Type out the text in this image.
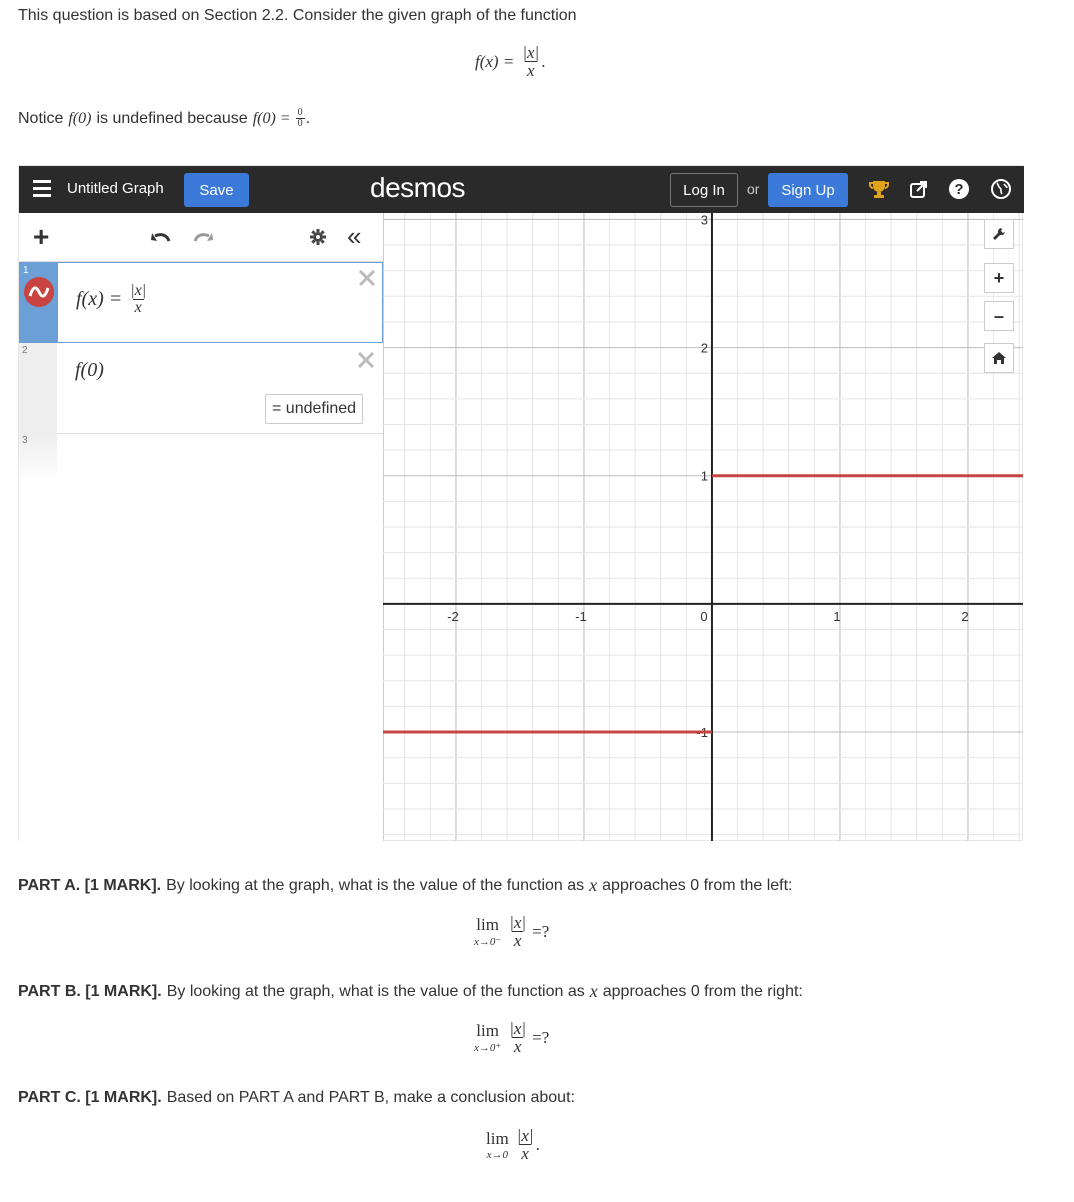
This question is based on Section 2.2. Consider the given graph of the function
$f(x) = \frac{|x|}{x}$ .
Notice f(0) is undefined because $f(0) = \frac{0}{0}$ .
Untitled Graph	Save	desmos	Log In	or	Sign Up	?
+	«
1
$f(x) = \frac{|x|}{x}$
2
f(0)
= undefined
3
-2	-1	0	1	2
3
2
1
-1
+
–
PART A. [1 MARK]. By looking at the graph, what is the value of the function as x approaches 0 from the left:
lim
$x\to 0^- \frac{|x|}{x}$ =?
PART B. [1 MARK]. By looking at the graph, what is the value of the function as x approaches 0 from the right:
lim
$x\to 0^+ \frac{|x|}{x}$ =?
PART C. [1 MARK]. Based on PART A and PART B, make a conclusion about:
lim
$x\to 0 \frac{|x|}{x}$ .
